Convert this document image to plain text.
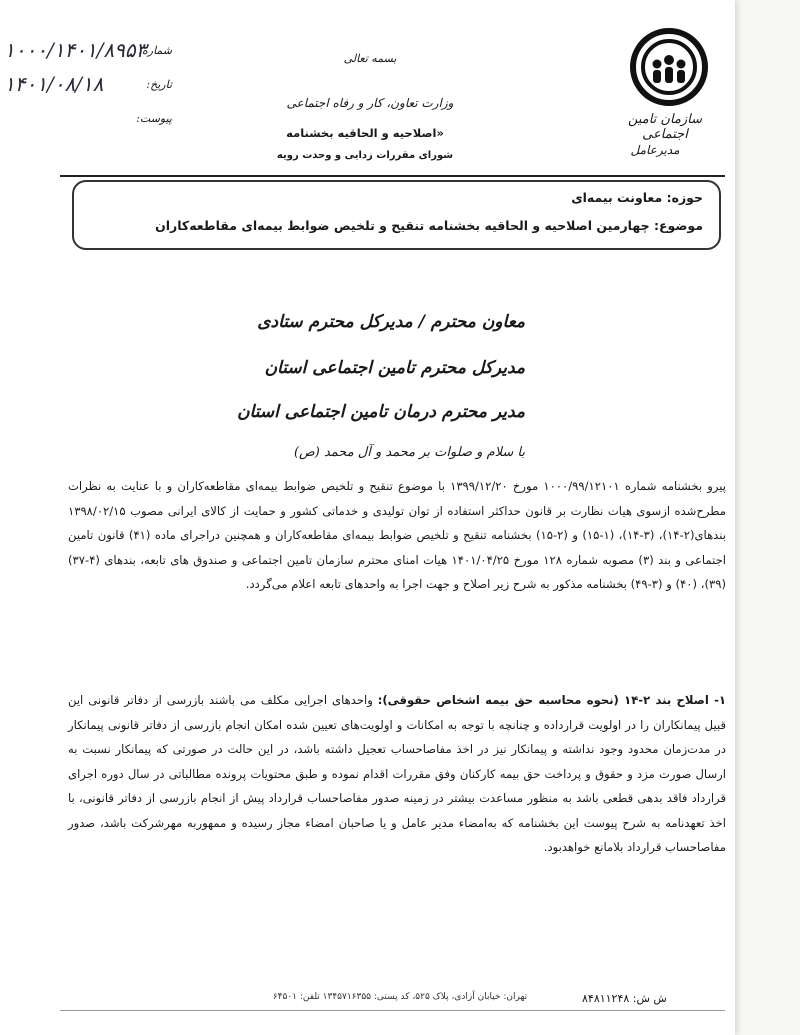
سازمان تامین اجتماعی
مدیرعامل
بسمه تعالی
وزارت تعاون، کار و رفاه اجتماعی
«اصلاحیه و الحاقیه بخشنامه
شورای مقررات زدایی و وحدت رویه
شماره:
۱۰۰۰/۱۴۰۱/۸۹۵۳
تاریخ:
۱۴۰۱/۰۸/۱۸
پیوست:
حوزه: معاونت بیمه‌ای
موضوع: چهارمین اصلاحیه و الحاقیه بخشنامه تنقیح و تلخیص ضوابط بیمه‌ای مقاطعه‌کاران
معاون محترم / مدیرکل محترم ستادی
مدیرکل محترم تامین اجتماعی استان
مدیر محترم درمان تامین اجتماعی استان
با سلام و صلوات بر محمد و آل محمد (ص)
پیرو بخشنامه شماره ۱۰۰۰/۹۹/۱۲۱۰۱ مورخ ۱۳۹۹/۱۲/۲۰ با موضوع تنقیح و تلخیص ضوابط بیمه‌ای مقاطعه‌کاران و با عنایت به نظرات مطرح‌شده ازسوی هیات نظارت بر قانون حداکثر استفاده از توان تولیدی و خدماتی کشور و حمایت از کالای ایرانی مصوب ۱۳۹۸/۰۲/۱۵ بندهای(۲-۱۴)، (۳-۱۴)، (۱-۱۵) و (۲-۱۵) بخشنامه تنقیح و تلخیص ضوابط بیمه‌ای مقاطعه‌کاران و همچنین دراجرای ماده (۴۱) قانون تامین اجتماعی و بند (۳) مصوبه شماره ۱۲۸ مورخ ۱۴۰۱/۰۴/۲۵ هیات امنای محترم سازمان تامین اجتماعی و صندوق های تابعه، بندهای (۴-۳۷) (۳۹)، (۴۰) و (۳-۴۹) بخشنامه مذکور به شرح زیر اصلاح و جهت اجرا به واحدهای تابعه اعلام می‌گردد.
۱- اصلاح بند ۲-۱۴ (نحوه محاسبه حق بیمه اشخاص حقوقی): واحدهای اجرایی مکلف می باشند بازرسی از دفاتر قانونی این قبیل پیمانکاران را در اولویت قرارداده و چنانچه با توجه به امکانات و اولویت‌های تعیین شده امکان انجام بازرسی از دفاتر قانونی پیمانکار در مدت‌زمان محدود وجود نداشته و پیمانکار نیز در اخذ مفاصاحساب تعجیل داشته باشد، در این حالت در صورتی که پیمانکار نسبت به ارسال صورت مزد و حقوق و پرداخت حق بیمه کارکنان وفق مقررات اقدام نموده و طبق محتویات پرونده مطالباتی در سال دوره اجرای قرارداد فاقد بدهی قطعی باشد به منظور مساعدت بیشتر در زمینه صدور مفاصاحساب قرارداد پیش از انجام بازرسی از دفاتر قانونی، با اخذ تعهدنامه به شرح پیوست این بخشنامه که به‌امضاء مدیر عامل و یا صاحبان امضاء مجاز رسیده و ممهوربه مهرشرکت باشد، صدور مفاصاحساب قرارداد بلامانع خواهدبود.
تهران: خیابان آزادی، پلاک ۵۲۵، کد پستی: ۱۳۴۵۷۱۶۳۵۵ تلفن: ۶۴۵۰۱	ش ش: ۸۴۸۱۱۲۴۸
